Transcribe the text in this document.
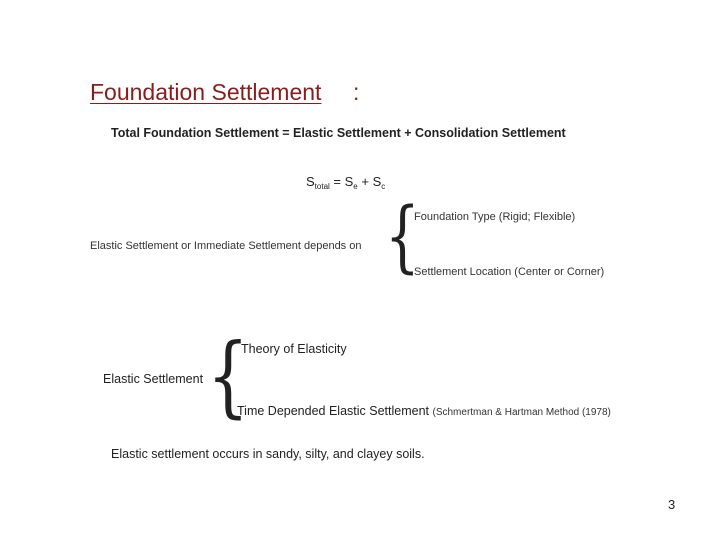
Foundation Settlement :
Total Foundation Settlement = Elastic Settlement + Consolidation Settlement
$S_{total} = S_e + S_c$
Elastic Settlement or Immediate Settlement depends on {
Foundation Type (Rigid; Flexible)
Settlement Location (Center or Corner)
Elastic Settlement {
Theory of Elasticity
Time Depended Elastic Settlement (Schmertman & Hartman Method (1978)
Elastic settlement occurs in sandy, silty, and clayey soils.
3
